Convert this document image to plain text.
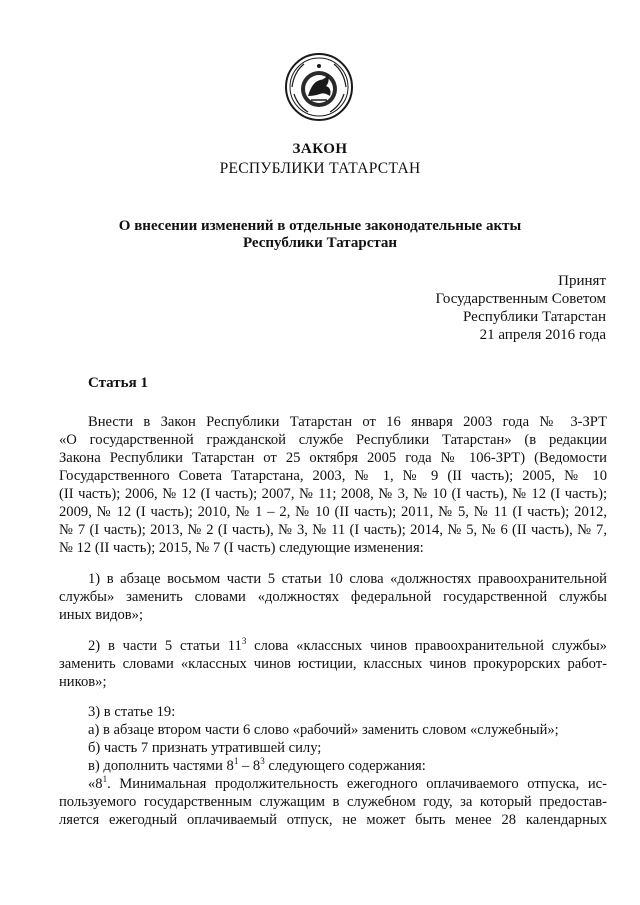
ЗАКОН
РЕСПУБЛИКИ ТАТАРСТАН
О внесении изменений в отдельные законодательные акты
Республики Татарстан
Принят
Государственным Советом
Республики Татарстан
21 апреля 2016 года
Статья 1
Внести в Закон Республики Татарстан от 16 января 2003 года № 3-ЗРТ
«О государственной гражданской службе Республики Татарстан» (в редакции
Закона Республики Татарстан от 25 октября 2005 года № 106-ЗРТ) (Ведомости
Государственного Совета Татарстана, 2003, № 1, № 9 (II часть); 2005, № 10
(II часть); 2006, № 12 (I часть); 2007, № 11; 2008, № 3, № 10 (I часть), № 12 (I часть);
2009, № 12 (I часть); 2010, № 1 – 2, № 10 (II часть); 2011, № 5, № 11 (I часть); 2012,
№ 7 (I часть); 2013, № 2 (I часть), № 3, № 11 (I часть); 2014, № 5, № 6 (II часть), № 7,
№ 12 (II часть); 2015, № 7 (I часть) следующие изменения:
1) в абзаце восьмом части 5 статьи 10 слова «должностях правоохранительной
службы» заменить словами «должностях федеральной государственной службы
иных видов»;
2) в части 5 статьи $11^3$ слова «классных чинов правоохранительной службы»
заменить словами «классных чинов юстиции, классных чинов прокурорских работ-
ников»;
3) в статье 19:
а) в абзаце втором части 6 слово «рабочий» заменить словом «служебный»;
б) часть 7 признать утратившей силу;
в) дополнить частями $8^1 - 8^3$ следующего содержания:
«$8^1$. Минимальная продолжительность ежегодного оплачиваемого отпуска, ис-
пользуемого государственным служащим в служебном году, за который предостав-
ляется ежегодный оплачиваемый отпуск, не может быть менее 28 календарных
